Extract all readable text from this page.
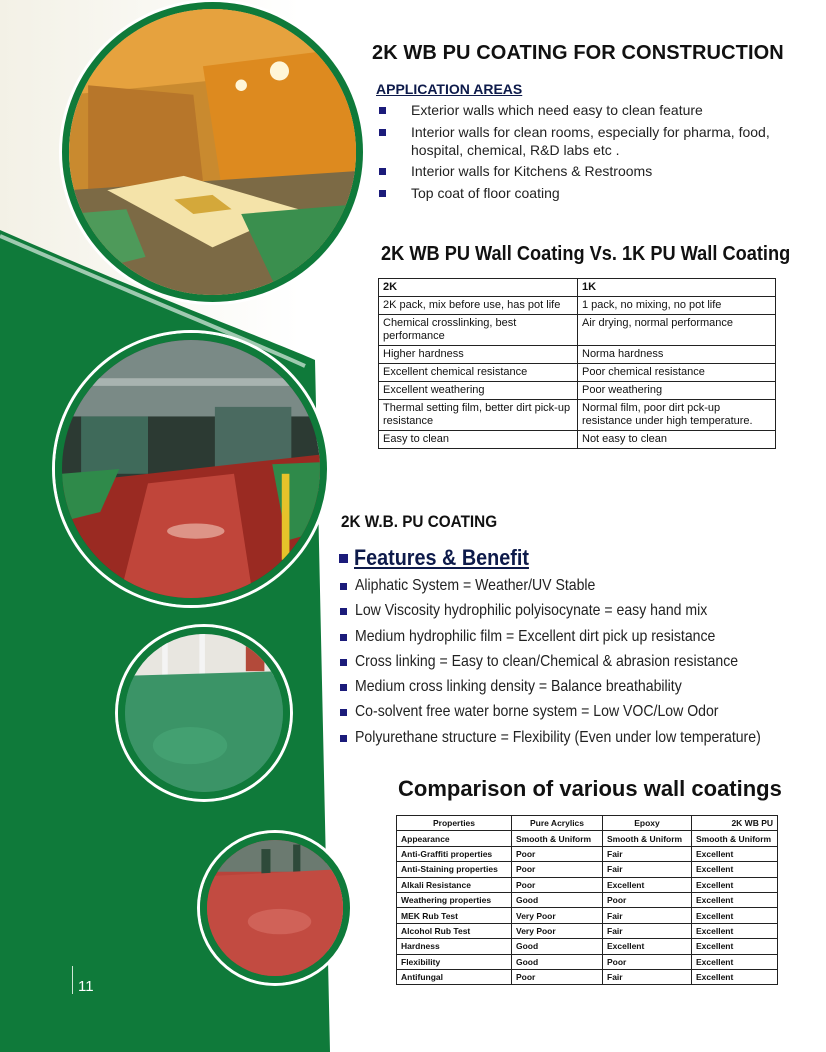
2K WB PU COATING FOR CONSTRUCTION
APPLICATION AREAS
Exterior walls which need easy to clean feature
Interior walls for clean rooms, especially for pharma, food, hospital, chemical, R&D labs etc .
Interior walls for Kitchens & Restrooms
Top coat of floor coating
2K WB PU Wall Coating Vs. 1K PU Wall Coating
2K	1K
2K pack, mix before use, has pot life	1 pack, no mixing, no pot life
Chemical crosslinking, best performance	Air drying, normal performance
Higher hardness	Norma hardness
Excellent chemical resistance	Poor chemical resistance
Excellent weathering	Poor weathering
Thermal setting film, better dirt pick-up resistance	Normal film, poor dirt pck-up resistance under high temperature.
Easy to clean	Not easy to clean
2K W.B. PU COATING
Features & Benefit
Aliphatic System = Weather/UV Stable
Low Viscosity hydrophilic polyisocynate = easy hand mix
Medium hydrophilic film = Excellent dirt pick up resistance
Cross linking = Easy to clean/Chemical & abrasion resistance
Medium cross linking density = Balance breathability
Co-solvent free water borne system = Low VOC/Low Odor
Polyurethane structure = Flexibility (Even under low temperature)
Comparison of various wall coatings
Properties	Pure Acrylics	Epoxy	2K WB PU
Appearance	Smooth & Uniform	Smooth & Uniform	Smooth & Uniform
Anti-Graffiti properties	Poor	Fair	Excellent
Anti-Staining properties	Poor	Fair	Excellent
Alkali Resistance	Poor	Excellent	Excellent
Weathering properties	Good	Poor	Excellent
MEK Rub Test	Very Poor	Fair	Excellent
Alcohol Rub Test	Very Poor	Fair	Excellent
Hardness	Good	Excellent	Excellent
Flexibility	Good	Poor	Excellent
Antifungal	Poor	Fair	Excellent
11
